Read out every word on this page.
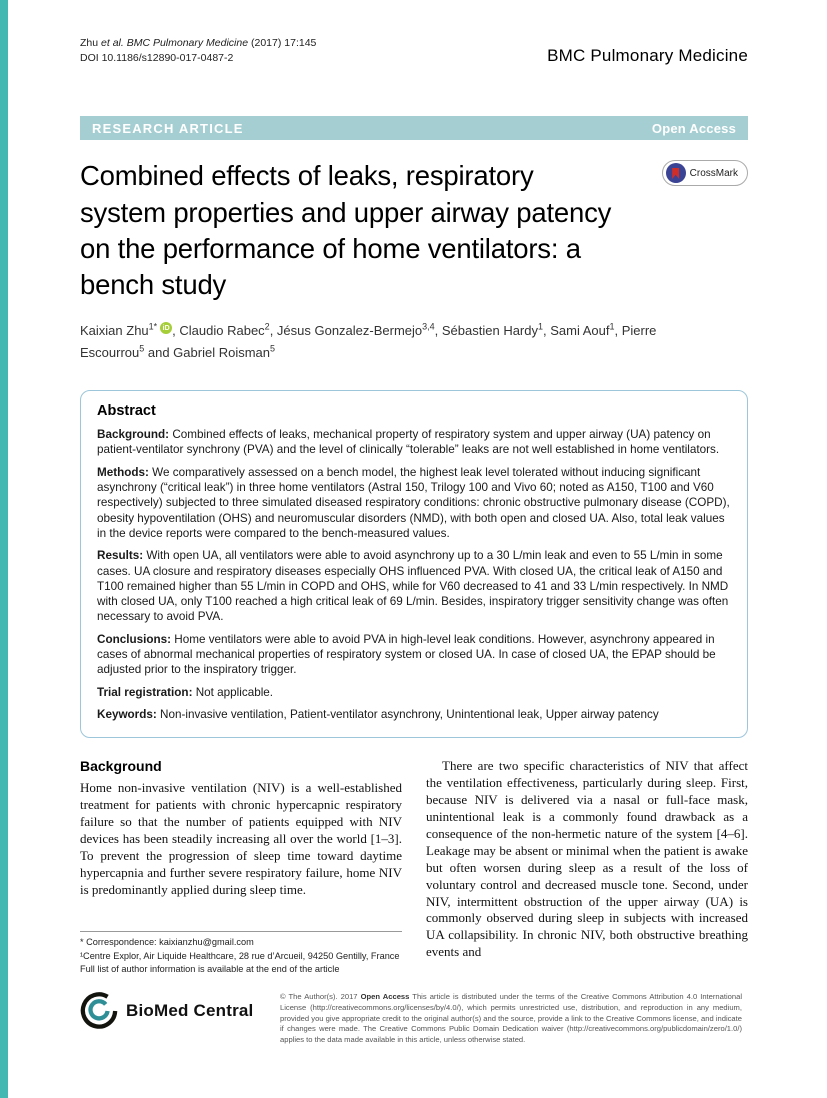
Zhu et al. BMC Pulmonary Medicine (2017) 17:145
DOI 10.1186/s12890-017-0487-2	BMC Pulmonary Medicine
RESEARCH ARTICLE	Open Access
Combined effects of leaks, respiratory system properties and upper airway patency on the performance of home ventilators: a bench study
CrossMark
Kaixian Zhu$^{1*}$ iD , Claudio Rabec$^2$, Jésus Gonzalez-Bermejo$^{3,4}$, Sébastien Hardy$^1$, Sami Aouf$^1$, Pierre Escourrou$^5$ and Gabriel Roisman$^5$
Abstract

Background: Combined effects of leaks, mechanical property of respiratory system and upper airway (UA) patency on patient-ventilator synchrony (PVA) and the level of clinically “tolerable” leaks are not well established in home ventilators.

Methods: We comparatively assessed on a bench model, the highest leak level tolerated without inducing significant asynchrony (“critical leak”) in three home ventilators (Astral 150, Trilogy 100 and Vivo 60; noted as A150, T100 and V60 respectively) subjected to three simulated diseased respiratory conditions: chronic obstructive pulmonary disease (COPD), obesity hypoventilation (OHS) and neuromuscular disorders (NMD), with both open and closed UA. Also, total leak values in the device reports were compared to the bench-measured values.

Results: With open UA, all ventilators were able to avoid asynchrony up to a 30 L/min leak and even to 55 L/min in some cases. UA closure and respiratory diseases especially OHS influenced PVA. With closed UA, the critical leak of A150 and T100 remained higher than 55 L/min in COPD and OHS, while for V60 decreased to 41 and 33 L/min respectively. In NMD with closed UA, only T100 reached a high critical leak of 69 L/min. Besides, inspiratory trigger sensitivity change was often necessary to avoid PVA.

Conclusions: Home ventilators were able to avoid PVA in high-level leak conditions. However, asynchrony appeared in cases of abnormal mechanical properties of respiratory system or closed UA. In case of closed UA, the EPAP should be adjusted prior to the inspiratory trigger.

Trial registration: Not applicable.

Keywords: Non-invasive ventilation, Patient-ventilator asynchrony, Unintentional leak, Upper airway patency

Background

Home non-invasive ventilation (NIV) is a well-established treatment for patients with chronic hypercapnic respiratory failure so that the number of patients equipped with NIV devices has been steadily increasing all over the world [1–3]. To prevent the progression of sleep time toward daytime hypercapnia and further severe respiratory failure, home NIV is predominantly applied during sleep time.

* Correspondence: kaixianzhu@gmail.com
¹Centre Explor, Air Liquide Healthcare, 28 rue d’Arcueil, 94250 Gentilly, France
Full list of author information is available at the end of the article

There are two specific characteristics of NIV that affect the ventilation effectiveness, particularly during sleep. First, because NIV is delivered via a nasal or full-face mask, unintentional leak is a commonly found drawback as a consequence of the non-hermetic nature of the system [4–6]. Leakage may be absent or minimal when the patient is awake but often worsen during sleep as a result of the loss of voluntary control and decreased muscle tone. Second, under NIV, intermittent obstruction of the upper airway (UA) is commonly observed during sleep in subjects with increased UA collapsibility. In chronic NIV, both obstructive breathing events and

BioMed Central

© The Author(s). 2017 Open Access This article is distributed under the terms of the Creative Commons Attribution 4.0 International License (http://creativecommons.org/licenses/by/4.0/), which permits unrestricted use, distribution, and reproduction in any medium, provided you give appropriate credit to the original author(s) and the source, provide a link to the Creative Commons license, and indicate if changes were made. The Creative Commons Public Domain Dedication waiver (http://creativecommons.org/publicdomain/zero/1.0/) applies to the data made available in this article, unless otherwise stated.
